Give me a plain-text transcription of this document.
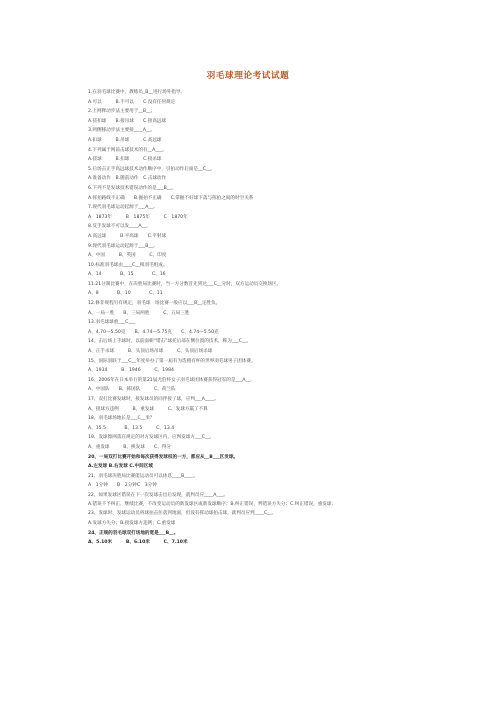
羽毛球理论考试试题
1.在羽毛球比赛中，教练员_B__进行场外指导。
A.可以　　　B.不可以　　C.没有任何规定
2.上网释动步法主要用于__B__。
A.搓扣球　　B.接吊球　　C.接高远球
3.两侧移动步法主要接____A__。
A.扣球　　　B.吊球　　　C.高远球
4.下列属于网前击球技术的有__A___。
A.搓球　　　B.扣球　　　C.接杀球
5.后场击正手高远球技术动作顺序中，引拍动作后面是__C__。
A.准备动作　B.随前动作　C.击球动作
6.下列不是发球技术错误动作的是___B__。
A.挥拍路线不正确　　B.握拍不正确　　C.掌握不好球下落与挥拍之间的时空关系
7.现代羽毛球运动起源于___A__。
A　1873年　　　B　1875年　　　C　1870年
8.反手发球不可以发____A__。
A.高远球　　　B.平高球　　C.平射球
9.现代羽毛球运动起源于___B__。
A、中国　　　B、英国　　　C、印度
10.标准羽毛球由____C__根羽毛组成。
A、14　　　　B、15　　　　C、16
11.21分制比赛中，在决胜局比赛时，当一方分数首先到达___C__分时，双方运动员交换场区。
A、8　　　　B、10　　　　C、11
12.修非规程另有规定，羽毛球　场比赛一般应以___B__定胜负。
A、一局一胜　　B、三局两胜　　　C、五局三胜
13.羽毛球球重___C___
A、4.70—5.50克　　B、4.74—5.75克　　C、4.74—5.50克
14、击后场上手球时，以前面朝“错击”球托后部在侧位置的技术，称为___C__。
A、正手杀球　　　B、头顶后场吊球　　　C、头顶后场杀球
15、国际羽联于___C__年度举办了第一届有为选拥有杯的世界羽毛球男子团体赛。
A、1934　　　B　1946　　　C、1984
16、2006年在日本举行的第21届尤伯杯女子羽毛球团体赛获得冠军的是___A__。
A、中国队　　B、韩国队　　　C、荷兰队
17、双打比赛发球时，接发球员的同伴接了球，应判___A____。
A、接球方违例　　　B、重发球　　　C、发球方赢了不算
18、羽毛球场地长是___C__米？
A、15.5　　　　B、13.5　　　C、13.4
19、发球擦网落在规定的对方发球区内，应判发球方___C__。
A、重发球　　　B、换发球　　C、得分
20、一局双打比赛开始和每次获得发球权的一方，都应从__B___区发球。
A.左发球 B.右发球 C.中间区域
21、羽毛球决胜局比赛能运动员可以休息____B____。
A　1分钟　　B　2分钟C　3分钟
22、如果发球区错误在下一次发球击出后发现，就判员应____A___。
A.错误不予纠正，继续比赛，不改变运动员的新发球区或新发球顺序；B.纠正错误，判错误方失分；C.纠正错误，重发球；
23、发球时，发球运动员将球拍击住落到地面，但没有挥动球拍击球，就判员应判____C__。
A.发球方失分；B.接发球方违例；C.重发球
24、正规的羽毛球双打场地的宽是___B__。
A、5.10米　　　B、6.10米　　　C、7.10米
